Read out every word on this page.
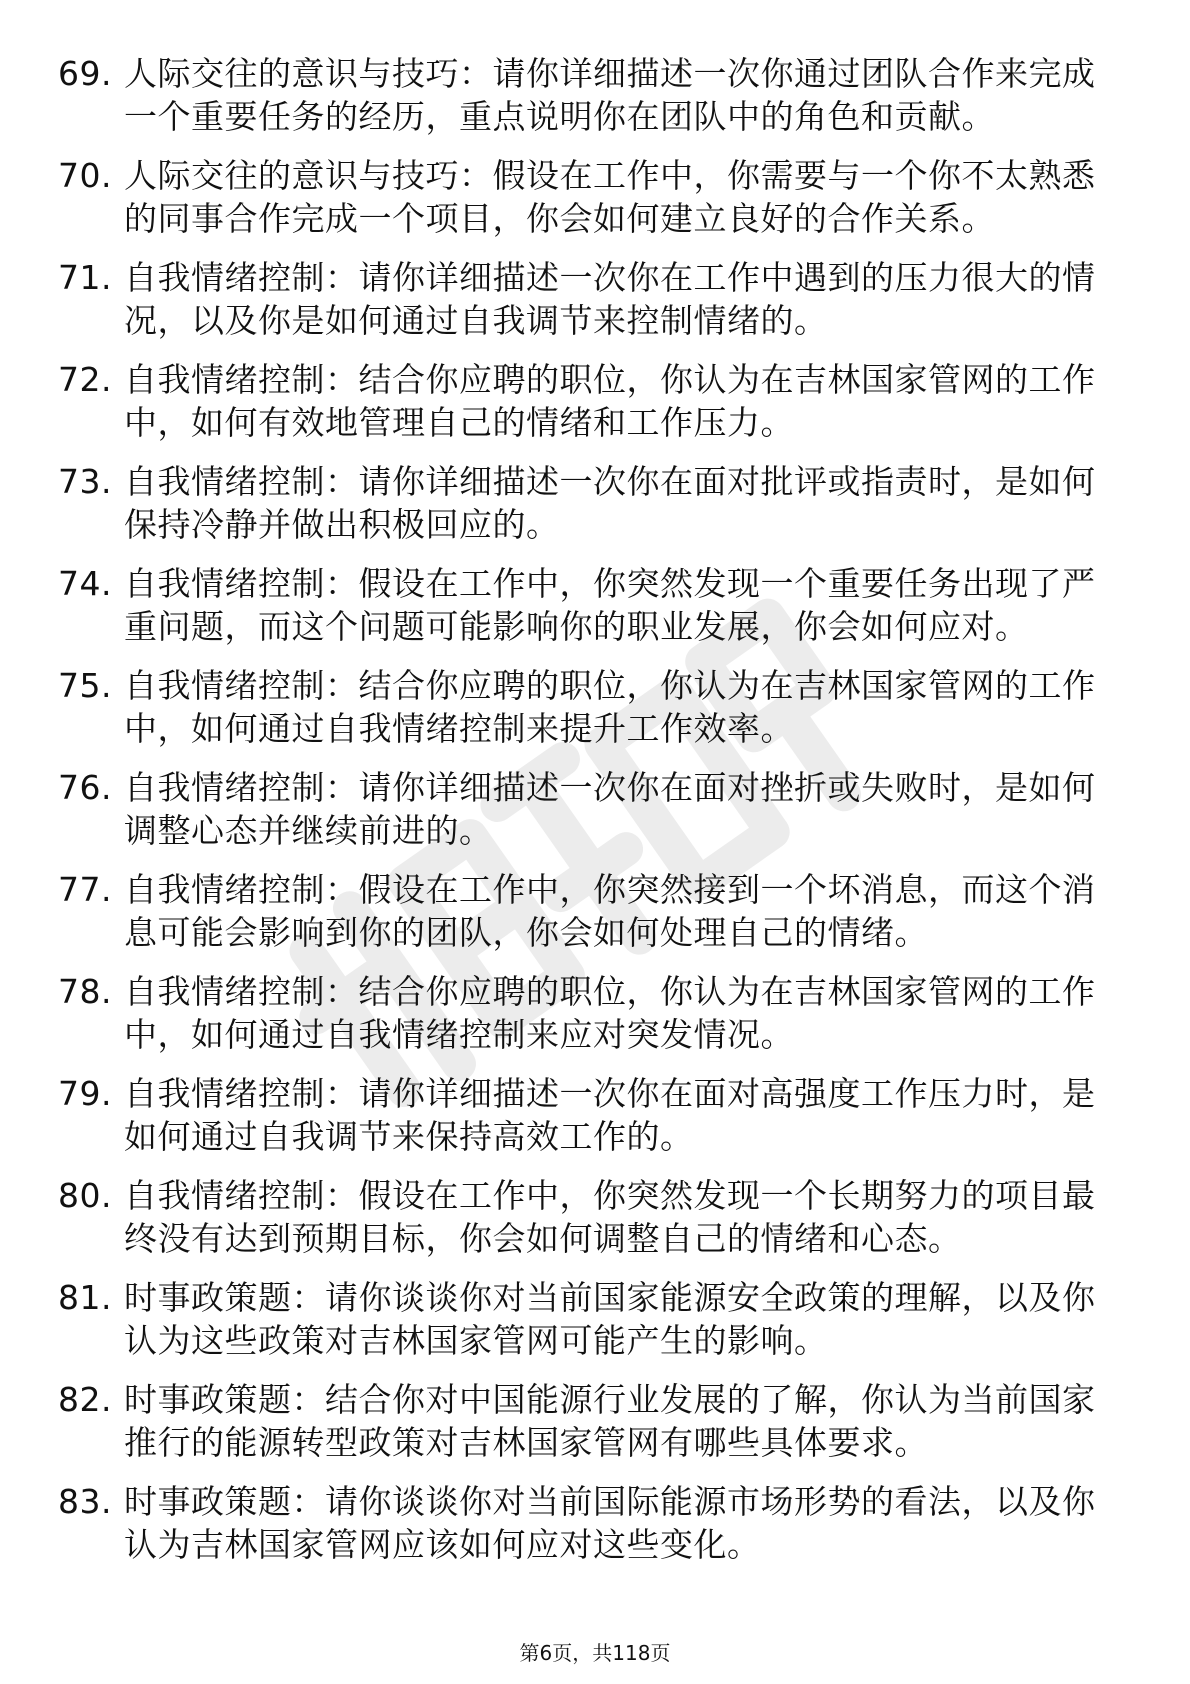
69. 人际交往的意识与技巧：请你详细描述一次你通过团队合作来完成一个重要任务的经历，重点说明你在团队中的角色和贡献。
70. 人际交往的意识与技巧：假设在工作中，你需要与一个你不太熟悉的同事合作完成一个项目，你会如何建立良好的合作关系。
71. 自我情绪控制：请你详细描述一次你在工作中遇到的压力很大的情况，以及你是如何通过自我调节来控制情绪的。
72. 自我情绪控制：结合你应聘的职位，你认为在吉林国家管网的工作中，如何有效地管理自己的情绪和工作压力。
73. 自我情绪控制：请你详细描述一次你在面对批评或指责时，是如何保持冷静并做出积极回应的。
74. 自我情绪控制：假设在工作中，你突然发现一个重要任务出现了严重问题，而这个问题可能影响你的职业发展，你会如何应对。
75. 自我情绪控制：结合你应聘的职位，你认为在吉林国家管网的工作中，如何通过自我情绪控制来提升工作效率。
76. 自我情绪控制：请你详细描述一次你在面对挫折或失败时，是如何调整心态并继续前进的。
77. 自我情绪控制：假设在工作中，你突然接到一个坏消息，而这个消息可能会影响到你的团队，你会如何处理自己的情绪。
78. 自我情绪控制：结合你应聘的职位，你认为在吉林国家管网的工作中，如何通过自我情绪控制来应对突发情况。
79. 自我情绪控制：请你详细描述一次你在面对高强度工作压力时，是如何通过自我调节来保持高效工作的。
80. 自我情绪控制：假设在工作中，你突然发现一个长期努力的项目最终没有达到预期目标，你会如何调整自己的情绪和心态。
81. 时事政策题：请你谈谈你对当前国家能源安全政策的理解，以及你认为这些政策对吉林国家管网可能产生的影响。
82. 时事政策题：结合你对中国能源行业发展的了解，你认为当前国家推行的能源转型政策对吉林国家管网有哪些具体要求。
83. 时事政策题：请你谈谈你对当前国际能源市场形势的看法，以及你认为吉林国家管网应该如何应对这些变化。
第6页，共118页
